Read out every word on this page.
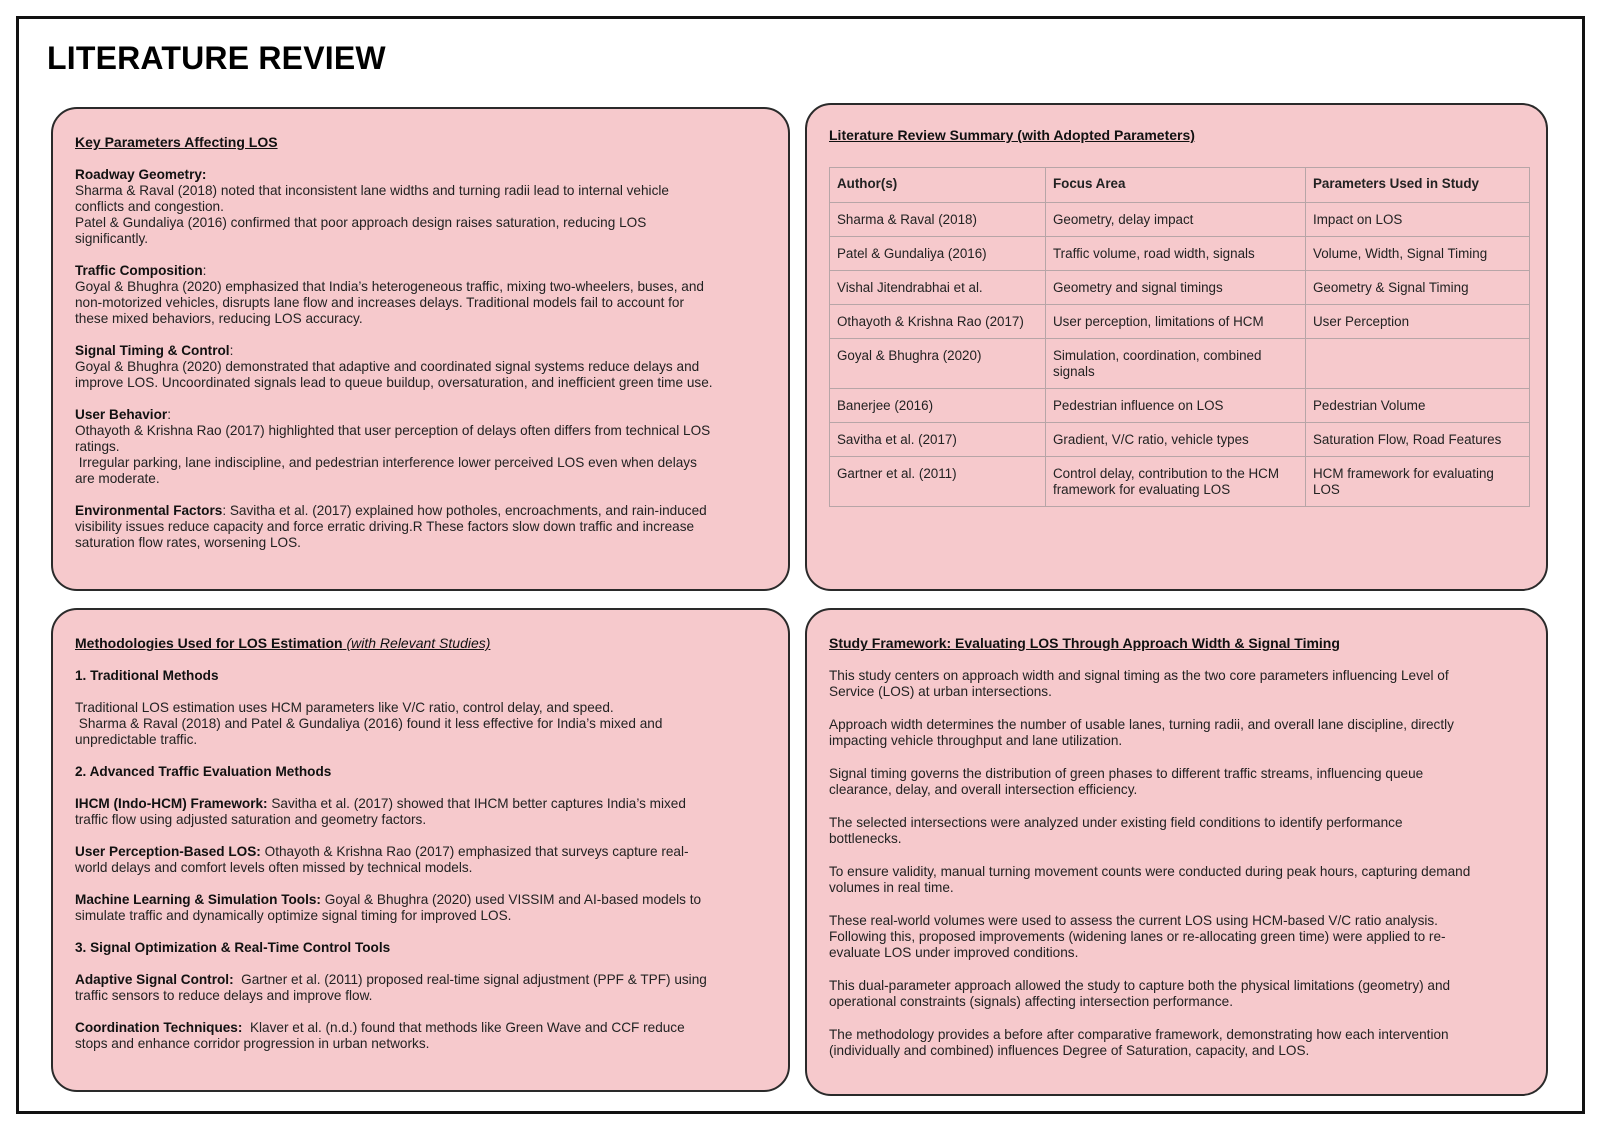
LITERATURE REVIEW
Key Parameters Affecting LOS
Roadway Geometry:
Sharma & Raval (2018) noted that inconsistent lane widths and turning radii lead to internal vehicle
conflicts and congestion.
Patel & Gundaliya (2016) confirmed that poor approach design raises saturation, reducing LOS
significantly.
Traffic Composition:
Goyal & Bhughra (2020) emphasized that India’s heterogeneous traffic, mixing two-wheelers, buses, and
non-motorized vehicles, disrupts lane flow and increases delays. Traditional models fail to account for
these mixed behaviors, reducing LOS accuracy.
Signal Timing & Control:
Goyal & Bhughra (2020) demonstrated that adaptive and coordinated signal systems reduce delays and
improve LOS. Uncoordinated signals lead to queue buildup, oversaturation, and inefficient green time use.
User Behavior:
Othayoth & Krishna Rao (2017) highlighted that user perception of delays often differs from technical LOS
ratings.
Irregular parking, lane indiscipline, and pedestrian interference lower perceived LOS even when delays
are moderate.
Environmental Factors: Savitha et al. (2017) explained how potholes, encroachments, and rain-induced
visibility issues reduce capacity and force erratic driving.R These factors slow down traffic and increase
saturation flow rates, worsening LOS.
Literature Review Summary (with Adopted Parameters)
Author(s)	Focus Area	Parameters Used in Study
Sharma & Raval (2018)	Geometry, delay impact	Impact on LOS
Patel & Gundaliya (2016)	Traffic volume, road width, signals	Volume, Width, Signal Timing
Vishal Jitendrabhai et al.	Geometry and signal timings	Geometry & Signal Timing
Othayoth & Krishna Rao (2017)	User perception, limitations of HCM	User Perception
Goyal & Bhughra (2020)	Simulation, coordination, combined signals	
Banerjee (2016)	Pedestrian influence on LOS	Pedestrian Volume
Savitha et al. (2017)	Gradient, V/C ratio, vehicle types	Saturation Flow, Road Features
Gartner et al. (2011)	Control delay, contribution to the HCM framework for evaluating LOS	HCM framework for evaluating LOS
Methodologies Used for LOS Estimation (with Relevant Studies)
1. Traditional Methods
Traditional LOS estimation uses HCM parameters like V/C ratio, control delay, and speed.
Sharma & Raval (2018) and Patel & Gundaliya (2016) found it less effective for India’s mixed and
unpredictable traffic.
2. Advanced Traffic Evaluation Methods
IHCM (Indo-HCM) Framework: Savitha et al. (2017) showed that IHCM better captures India’s mixed
traffic flow using adjusted saturation and geometry factors.
User Perception-Based LOS: Othayoth & Krishna Rao (2017) emphasized that surveys capture real-
world delays and comfort levels often missed by technical models.
Machine Learning & Simulation Tools: Goyal & Bhughra (2020) used VISSIM and AI-based models to
simulate traffic and dynamically optimize signal timing for improved LOS.
3. Signal Optimization & Real-Time Control Tools
Adaptive Signal Control:  Gartner et al. (2011) proposed real-time signal adjustment (PPF & TPF) using
traffic sensors to reduce delays and improve flow.
Coordination Techniques:  Klaver et al. (n.d.) found that methods like Green Wave and CCF reduce
stops and enhance corridor progression in urban networks.
Study Framework: Evaluating LOS Through Approach Width & Signal Timing
This study centers on approach width and signal timing as the two core parameters influencing Level of
Service (LOS) at urban intersections.
Approach width determines the number of usable lanes, turning radii, and overall lane discipline, directly
impacting vehicle throughput and lane utilization.
Signal timing governs the distribution of green phases to different traffic streams, influencing queue
clearance, delay, and overall intersection efficiency.
The selected intersections were analyzed under existing field conditions to identify performance
bottlenecks.
To ensure validity, manual turning movement counts were conducted during peak hours, capturing demand
volumes in real time.
These real-world volumes were used to assess the current LOS using HCM-based V/C ratio analysis.
Following this, proposed improvements (widening lanes or re-allocating green time) were applied to re-
evaluate LOS under improved conditions.
This dual-parameter approach allowed the study to capture both the physical limitations (geometry) and
operational constraints (signals) affecting intersection performance.
The methodology provides a before after comparative framework, demonstrating how each intervention
(individually and combined) influences Degree of Saturation, capacity, and LOS.
